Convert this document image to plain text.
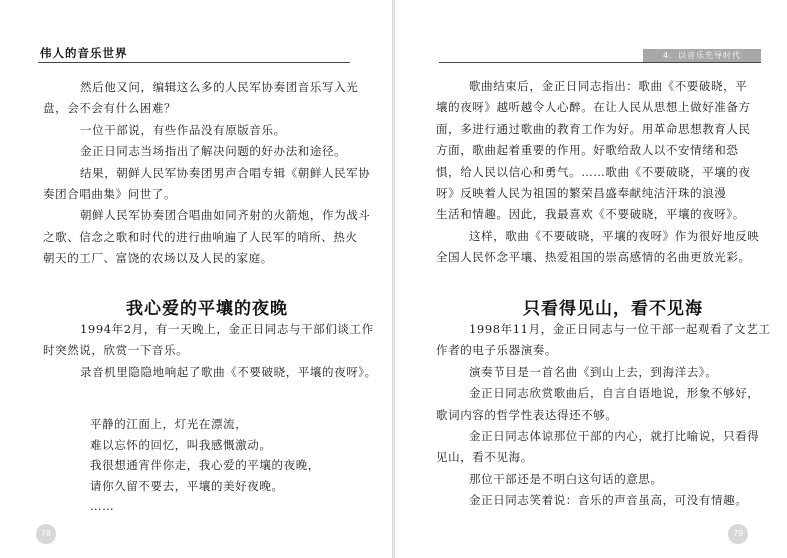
伟人的音乐世界
然后他又问，编辑这么多的人民军协奏团音乐写入光
盘，会不会有什么困难？
一位干部说，有些作品没有原版音乐。
金正日同志当场指出了解决问题的好办法和途径。
结果，朝鲜人民军协奏团男声合唱专辑《朝鲜人民军协
奏团合唱曲集》问世了。
朝鲜人民军协奏团合唱曲如同齐射的火箭炮，作为战斗
之歌、信念之歌和时代的进行曲响遍了人民军的哨所、热火
朝天的工厂、富饶的农场以及人民的家庭。
我心爱的平壤的夜晚
1994年2月，有一天晚上，金正日同志与干部们谈工作
时突然说，欣赏一下音乐。
录音机里隐隐地响起了歌曲《不要破晓，平壤的夜呀》。
平静的江面上，灯光在漂流，
难以忘怀的回忆，叫我感慨激动。
我很想通宵伴你走，我心爱的平壤的夜晚，
请你久留不要去，平壤的美好夜晚。
……
78
4．以音乐先导时代
歌曲结束后，金正日同志指出：歌曲《不要破晓，平
壤的夜呀》越听越令人心醉。在让人民从思想上做好准备方
面，多进行通过歌曲的教育工作为好。用革命思想教育人民
方面，歌曲起着重要的作用。好歌给敌人以不安情绪和恐
惧，给人民以信心和勇气。……歌曲《不要破晓，平壤的夜
呀》反映着人民为祖国的繁荣昌盛奉献纯洁汗珠的浪漫
生活和情趣。因此，我最喜欢《不要破晓，平壤的夜呀》。
这样，歌曲《不要破晓，平壤的夜呀》作为很好地反映
全国人民怀念平壤、热爱祖国的崇高感情的名曲更放光彩。
只看得见山，看不见海
1998年11月，金正日同志与一位干部一起观看了文艺工
作者的电子乐器演奏。
演奏节目是一首名曲《到山上去，到海洋去》。
金正日同志欣赏歌曲后，自言自语地说，形象不够好，
歌词内容的哲学性表达得还不够。
金正日同志体谅那位干部的内心，就打比喻说，只看得
见山，看不见海。
那位干部还是不明白这句话的意思。
金正日同志笑着说：音乐的声音虽高，可没有情趣。
79
